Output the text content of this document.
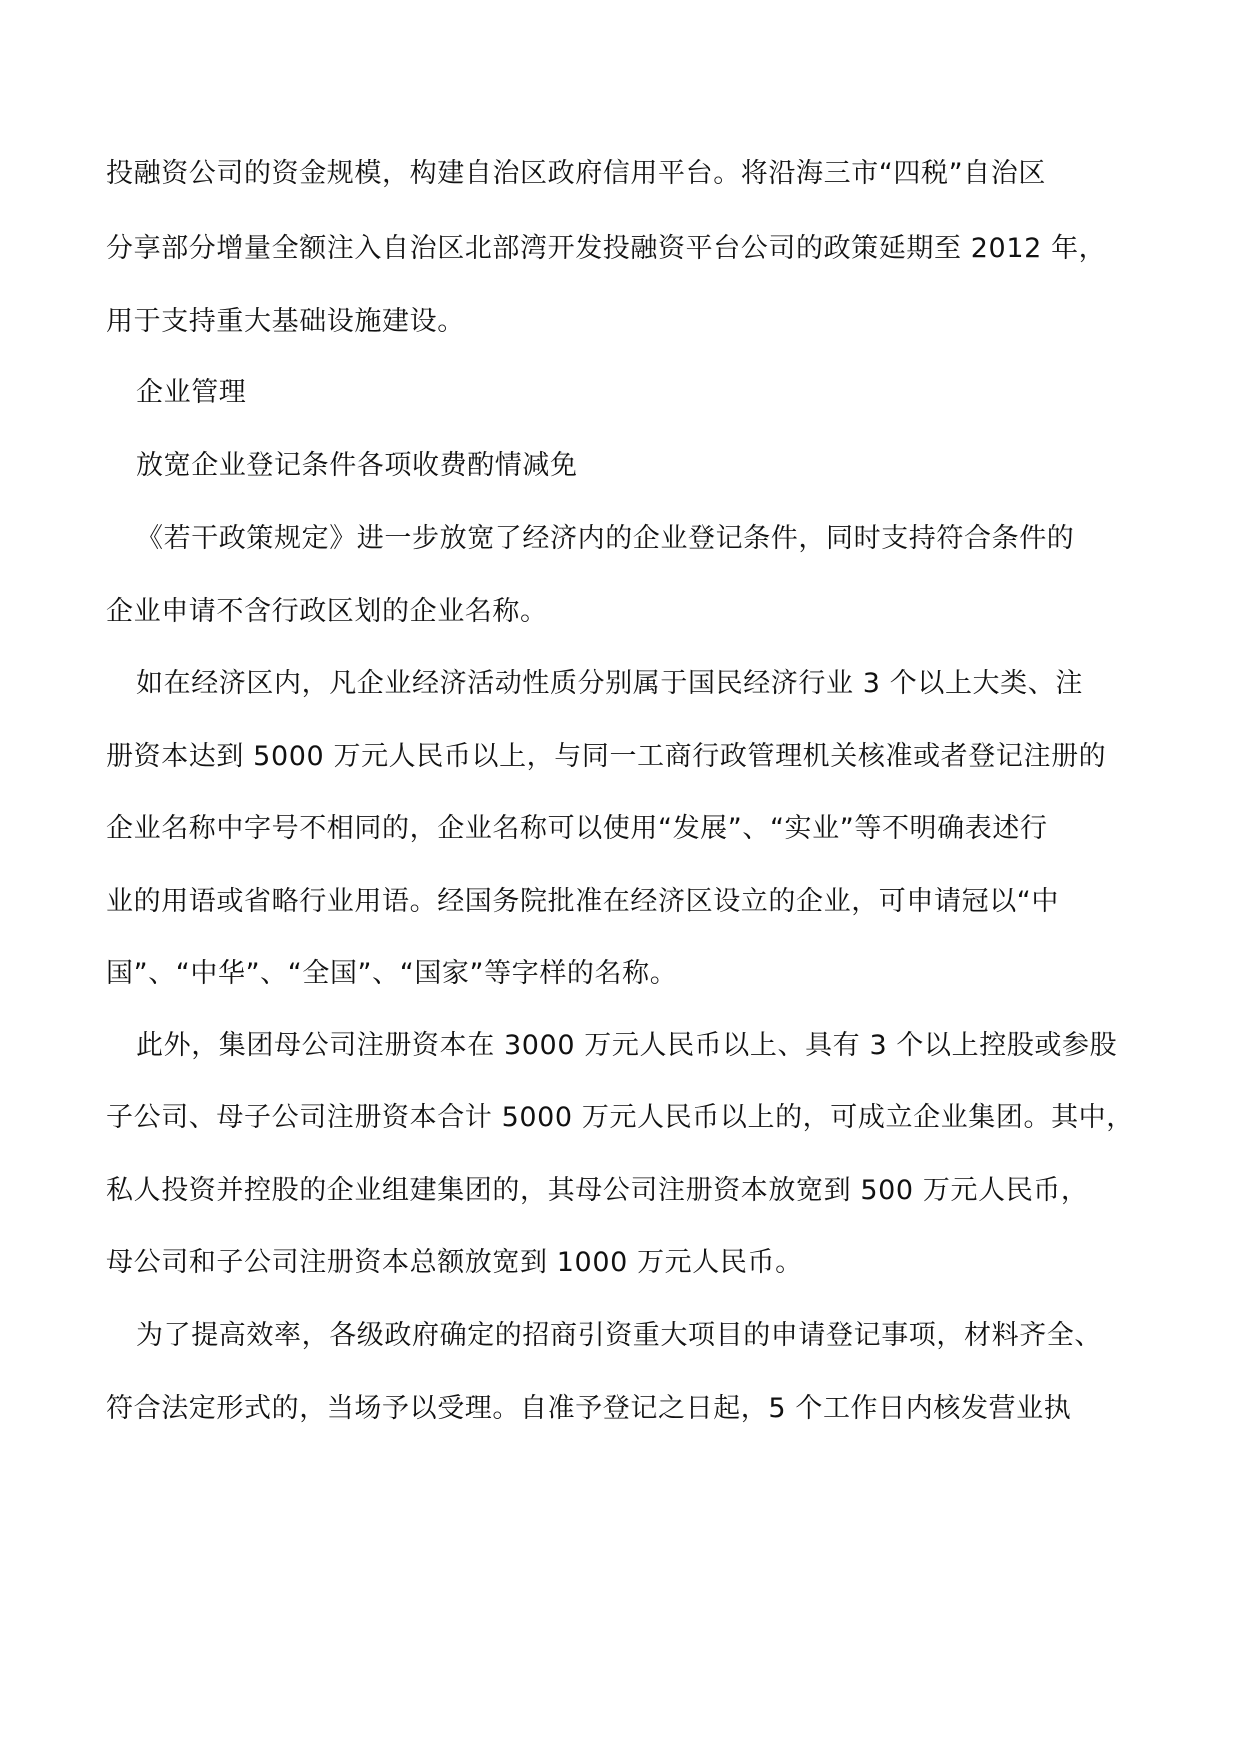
投融资公司的资金规模，构建自治区政府信用平台。将沿海三市“四税”自治区
分享部分增量全额注入自治区北部湾开发投融资平台公司的政策延期至 2012 年，
用于支持重大基础设施建设。
企业管理
放宽企业登记条件各项收费酌情减免
《若干政策规定》进一步放宽了经济内的企业登记条件，同时支持符合条件的
企业申请不含行政区划的企业名称。
如在经济区内，凡企业经济活动性质分别属于国民经济行业 3 个以上大类、注
册资本达到 5000 万元人民币以上，与同一工商行政管理机关核准或者登记注册的
企业名称中字号不相同的，企业名称可以使用“发展”、“实业”等不明确表述行
业的用语或省略行业用语。经国务院批准在经济区设立的企业，可申请冠以“中
国”、“中华”、“全国”、“国家”等字样的名称。
此外，集团母公司注册资本在 3000 万元人民币以上、具有 3 个以上控股或参股
子公司、母子公司注册资本合计 5000 万元人民币以上的，可成立企业集团。其中，
私人投资并控股的企业组建集团的，其母公司注册资本放宽到 500 万元人民币，
母公司和子公司注册资本总额放宽到 1000 万元人民币。
为了提高效率，各级政府确定的招商引资重大项目的申请登记事项，材料齐全、
符合法定形式的，当场予以受理。自准予登记之日起，5 个工作日内核发营业执
